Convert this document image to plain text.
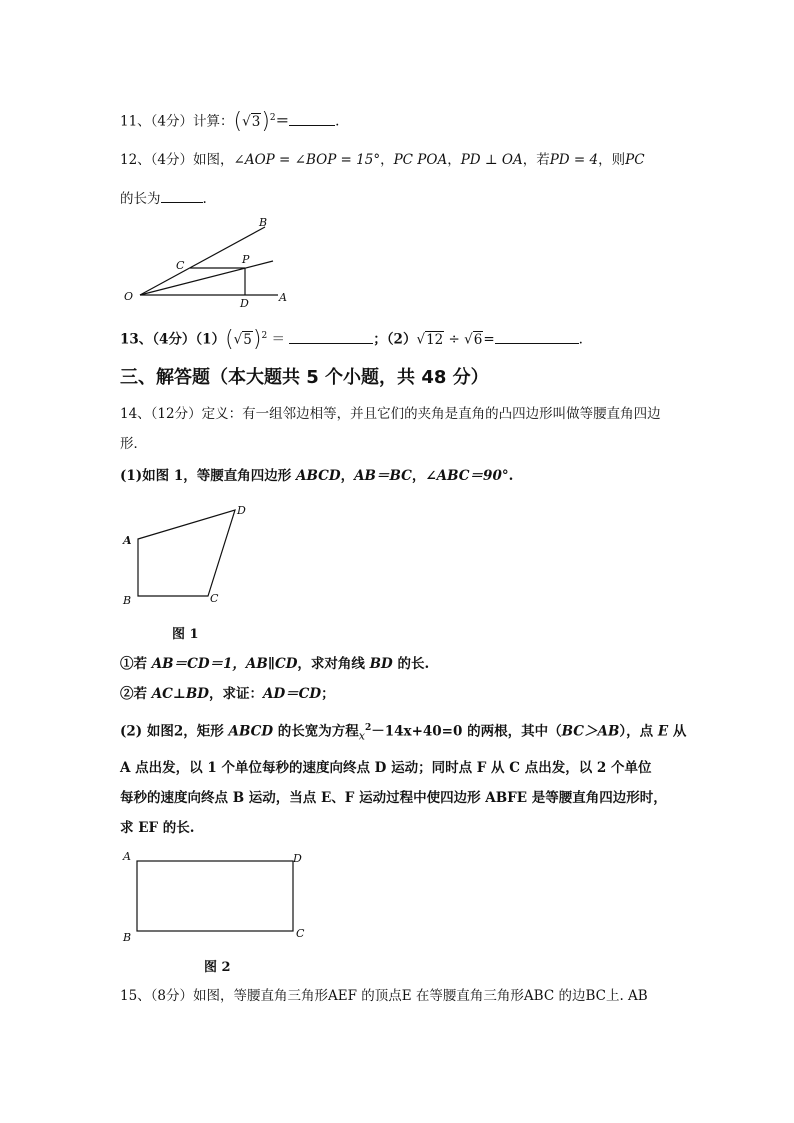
11、（4分）计算：$(√3)^2=$	.
12、（4分）如图，∠AOP = ∠BOP = 15°，PC POA，PD ⊥ OA，若PD = 4，则PC
的长为	.
B
C	P
O
D	A
13、（4分）$(1)(√5)^2$ ＝	；（2）√12 ÷ √6=	.
三、解答题（本大题共 5 个小题，共 48 分）
14、（12分）定义：有一组邻边相等，并且它们的夹角是直角的凸四边形叫做等腰直角四边
形．
(1)如图 1，等腰直角四边形 ABCD，AB＝BC，∠ABC＝90°.
A
B	C
D
图 1
①若 AB＝CD＝1，AB∥CD，求对角线 BD 的长.
②若 AC⊥BD，求证：AD＝CD；
(2) 如图2，矩形 ABCD 的长宽为方程$_x^2$－14x+40=0 的两根，其中（BC＞AB），点 E 从
A 点出发，以 1 个单位每秒的速度向终点 D 运动；同时点 F 从 C 点出发，以 2 个单位
每秒的速度向终点 B 运动，当点 E、F 运动过程中使四边形 ABFE 是等腰直角四边形时，
求 EF 的长.
A
B	C
D
图 2
15、（8分）如图，等腰直角三角形AEF 的顶点E 在等腰直角三角形ABC 的边BC上. AB
